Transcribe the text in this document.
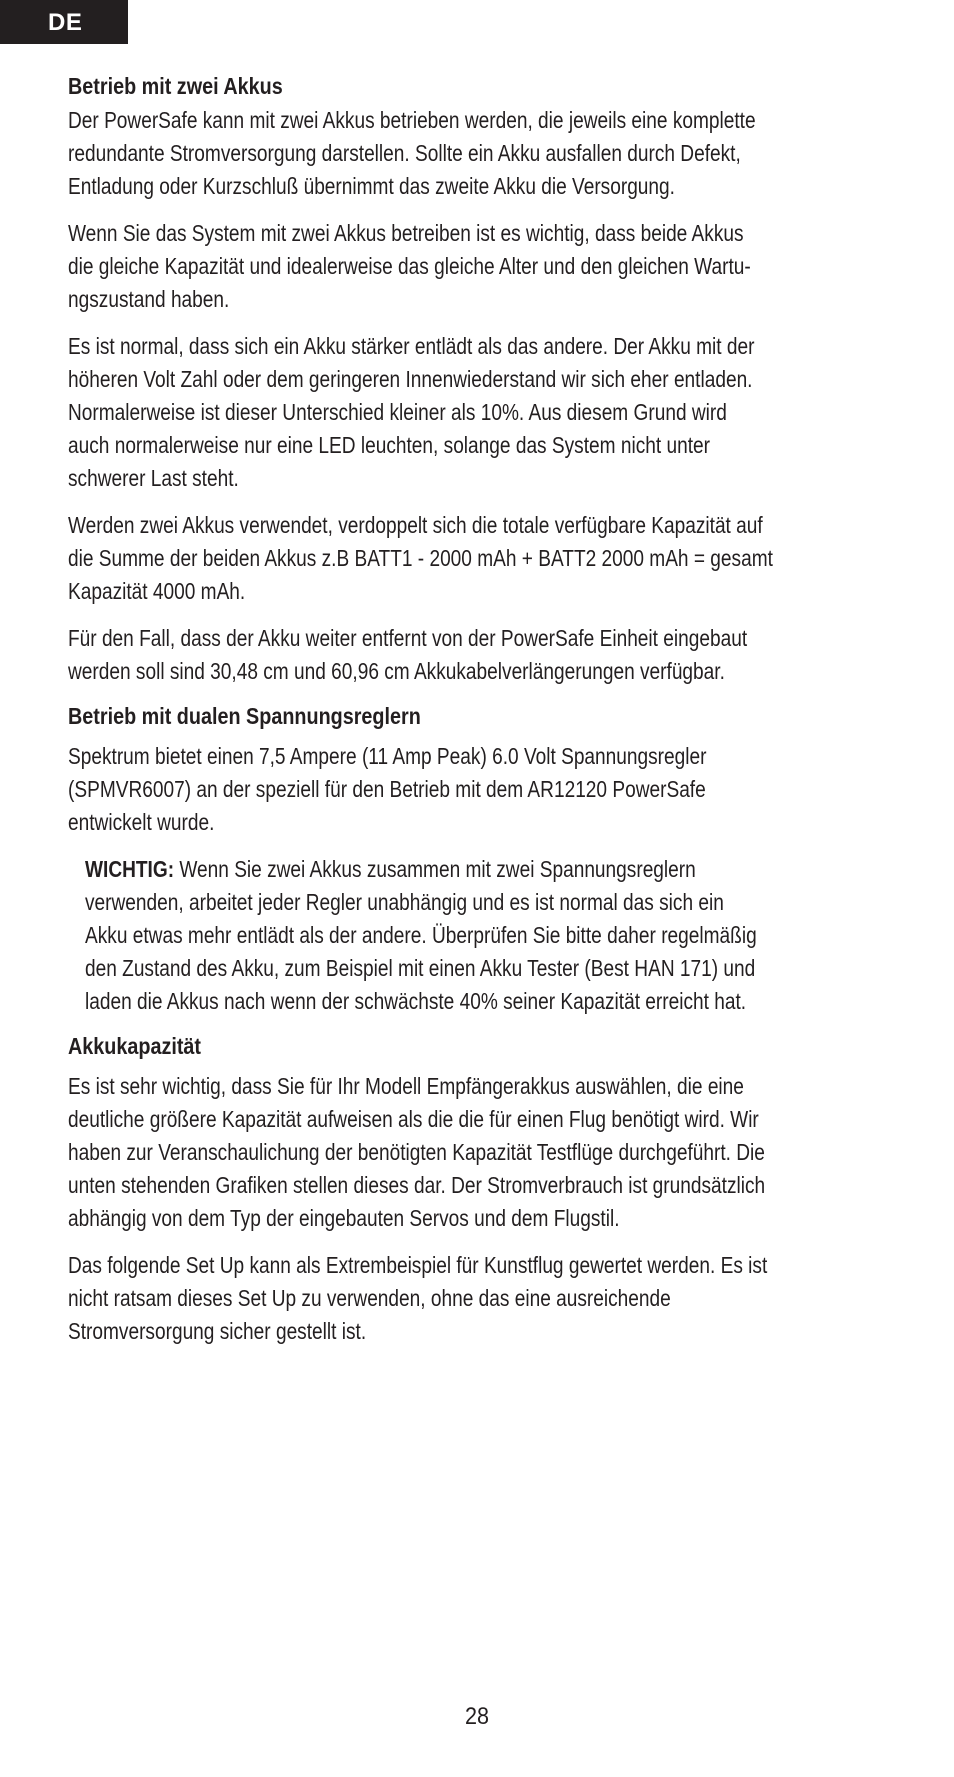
DE
Betrieb mit zwei Akkus
Der PowerSafe kann mit zwei Akkus betrieben werden, die jeweils eine komplette
redundante Stromversorgung darstellen. Sollte ein Akku ausfallen durch Defekt,
Entladung oder Kurzschluß übernimmt das zweite Akku die Versorgung.
Wenn Sie das System mit zwei Akkus betreiben ist es wichtig, dass beide Akkus
die gleiche Kapazität und idealerweise das gleiche Alter und den gleichen Wartu-
ngszustand haben.
Es ist normal, dass sich ein Akku stärker entlädt als das andere. Der Akku mit der
höheren Volt Zahl oder dem geringeren Innenwiederstand wir sich eher entladen.
Normalerweise ist dieser Unterschied kleiner als 10%. Aus diesem Grund wird
auch normalerweise nur eine LED leuchten, solange das System nicht unter
schwerer Last steht.
Werden zwei Akkus verwendet, verdoppelt sich die totale verfügbare Kapazität auf
die Summe der beiden Akkus z.B BATT1 - 2000 mAh + BATT2 2000 mAh = gesamt
Kapazität 4000 mAh.
Für den Fall, dass der Akku weiter entfernt von der PowerSafe Einheit eingebaut
werden soll sind 30,48 cm und 60,96 cm Akkukabelverlängerungen verfügbar.
Betrieb mit dualen Spannungsreglern
Spektrum bietet einen 7,5 Ampere (11 Amp Peak) 6.0 Volt Spannungsregler
(SPMVR6007) an der speziell für den Betrieb mit dem AR12120 PowerSafe
entwickelt wurde.
WICHTIG: Wenn Sie zwei Akkus zusammen mit zwei Spannungsreglern
verwenden, arbeitet jeder Regler unabhängig und es ist normal das sich ein
Akku etwas mehr entlädt als der andere. Überprüfen Sie bitte daher regelmäßig
den Zustand des Akku, zum Beispiel mit einen Akku Tester (Best HAN 171) und
laden die Akkus nach wenn der schwächste 40% seiner Kapazität erreicht hat.
Akkukapazität
Es ist sehr wichtig, dass Sie für Ihr Modell Empfängerakkus auswählen, die eine
deutliche größere Kapazität aufweisen als die die für einen Flug benötigt wird. Wir
haben zur Veranschaulichung der benötigten Kapazität Testflüge durchgeführt. Die
unten stehenden Grafiken stellen dieses dar. Der Stromverbrauch ist grundsätzlich
abhängig von dem Typ der eingebauten Servos und dem Flugstil.
Das folgende Set Up kann als Extrembeispiel für Kunstflug gewertet werden. Es ist
nicht ratsam dieses Set Up zu verwenden, ohne das eine ausreichende
Stromversorgung sicher gestellt ist.
28
